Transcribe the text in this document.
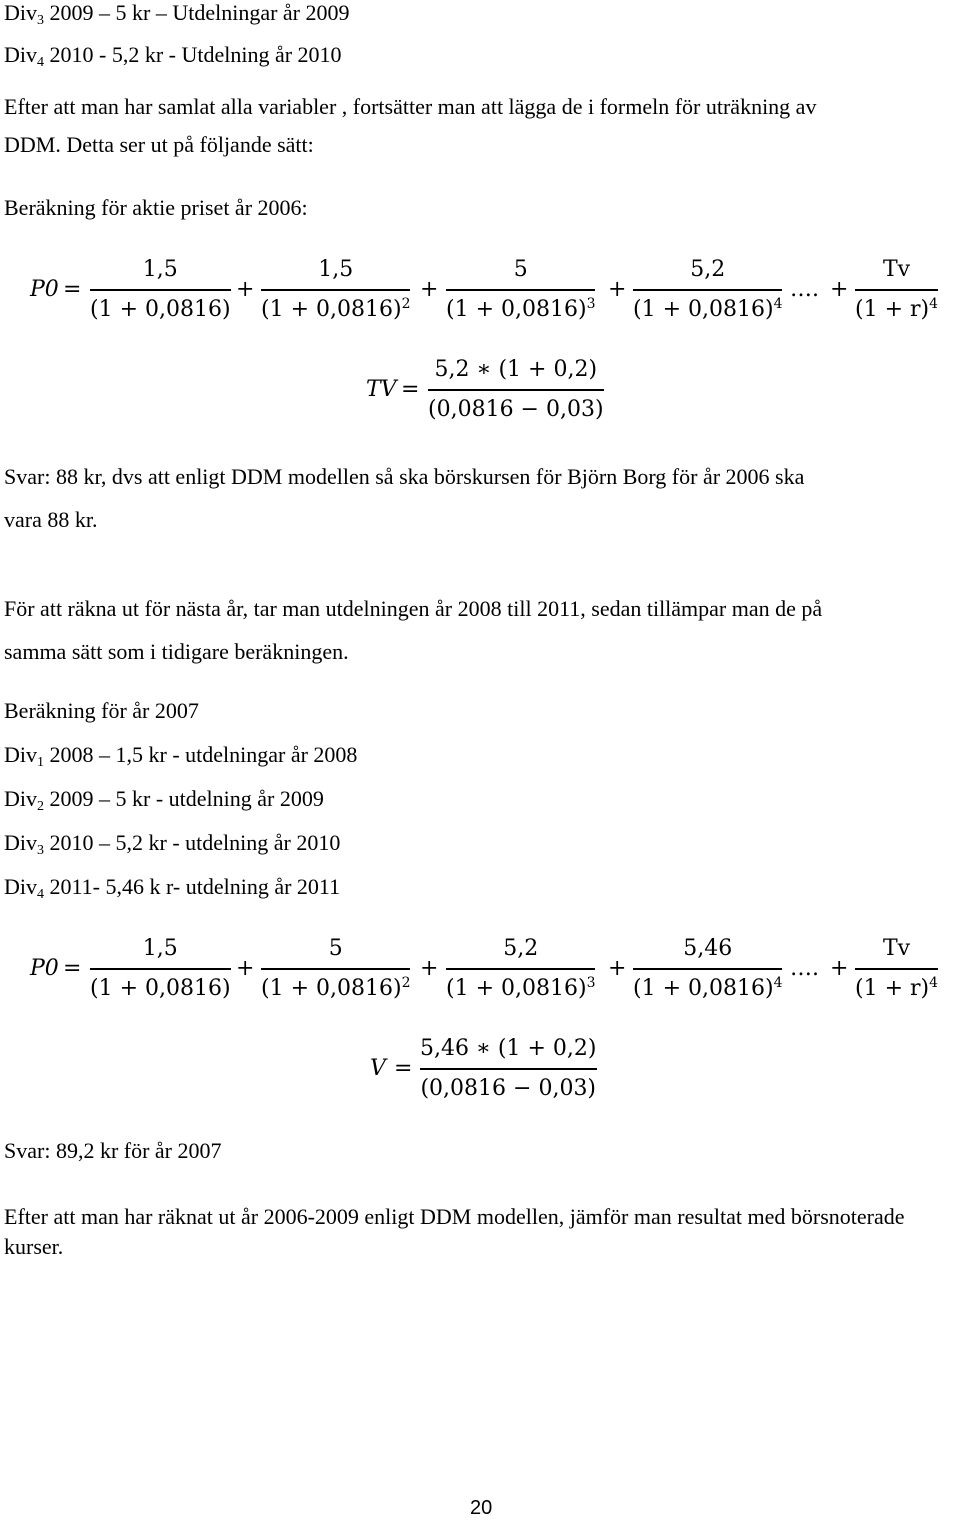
Div$_3$ 2009 – 5 kr – Utdelningar år 2009
Div$_4$ 2010 - 5,2 kr - Utdelning år 2010
Efter att man har samlat alla variabler , fortsätter man att lägga de i formeln för uträkning av
DDM. Detta ser ut på följande sätt:
Beräkning för aktie priset år 2006:
P0 =
1,5
(1 + 0,0816)
+
1,5
$(1 + 0,0816)^2$
+
5
$(1 + 0,0816)^3$
+
5,2
$(1 + 0,0816)^4$
…. +
Tv
$(1 + r)^4$
TV =
5,2 ∗ (1 + 0,2)
(0,0816 − 0,03)
Svar: 88 kr, dvs att enligt DDM modellen så ska börskursen för Björn Borg för år 2006 ska
vara 88 kr.
För att räkna ut för nästa år, tar man utdelningen år 2008 till 2011, sedan tillämpar man de på
samma sätt som i tidigare beräkningen.
Beräkning för år 2007
Div$_1$ 2008 – 1,5 kr - utdelningar år 2008
Div$_2$ 2009 – 5 kr - utdelning år 2009
Div$_3$ 2010 – 5,2 kr - utdelning år 2010
Div$_4$ 2011- 5,46 k r- utdelning år 2011
P0 =
1,5
(1 + 0,0816)
+
5
$(1 + 0,0816)^2$
+
5,2
$(1 + 0,0816)^3$
+
5,46
$(1 + 0,0816)^4$
…. +
Tv
$(1 + r)^4$
V =
5,46 ∗ (1 + 0,2)
(0,0816 − 0,03)
Svar: 89,2 kr för år 2007
Efter att man har räknat ut år 2006-2009 enligt DDM modellen, jämför man resultat med börsnoterade
kurser.
20
